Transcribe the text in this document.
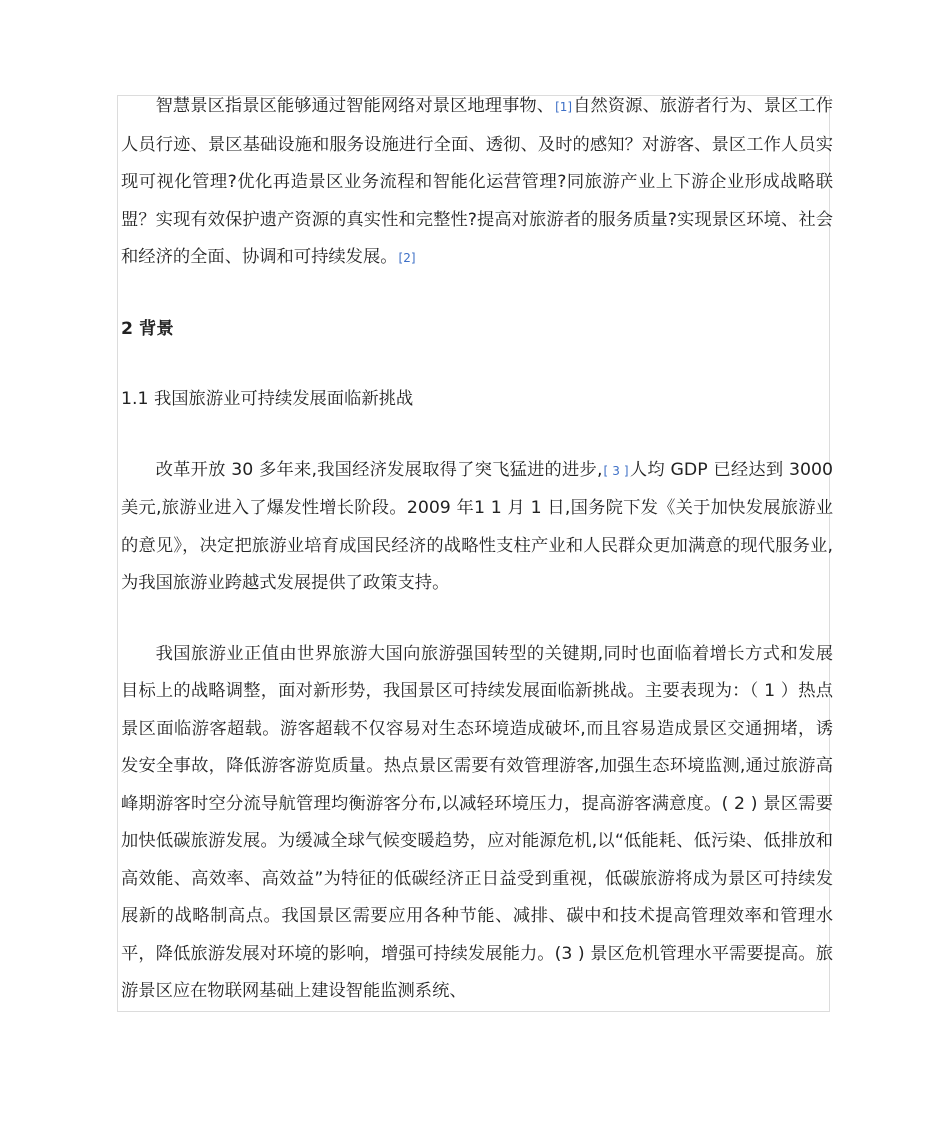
智慧景区指景区能够通过智能网络对景区地理事物、[1]自然资源、旅游者行为、景区工作人员行迹、景区基础设施和服务设施进行全面、透彻、及时的感知？对游客、景区工作人员实现可视化管理?优化再造景区业务流程和智能化运营管理?同旅游产业上下游企业形成战略联盟？实现有效保护遗产资源的真实性和完整性?提高对旅游者的服务质量?实现景区环境、社会和经济的全面、协调和可持续发展。[2]

2 背景

1.1 我国旅游业可持续发展面临新挑战

改革开放 30 多年来,我国经济发展取得了突飞猛进的进步,[ 3 ]人均 GDP 已经达到 3000 美元,旅游业进入了爆发性增长阶段。2009 年1 1 月 1 日,国务院下发《关于加快发展旅游业的意见》，决定把旅游业培育成国民经济的战略性支柱产业和人民群众更加满意的现代服务业,为我国旅游业跨越式发展提供了政策支持。

我国旅游业正值由世界旅游大国向旅游强国转型的关键期,同时也面临着增长方式和发展目标上的战略调整，面对新形势，我国景区可持续发展面临新挑战。主要表现为：（ 1 ）热点景区面临游客超载。游客超载不仅容易对生态环境造成破坏,而且容易造成景区交通拥堵，诱发安全事故，降低游客游览质量。热点景区需要有效管理游客,加强生态环境监测,通过旅游高峰期游客时空分流导航管理均衡游客分布,以减轻环境压力，提高游客满意度。( 2 ) 景区需要加快低碳旅游发展。为缓减全球气候变暖趋势，应对能源危机,以“低能耗、低污染、低排放和高效能、高效率、高效益”为特征的低碳经济正日益受到重视，低碳旅游将成为景区可持续发展新的战略制高点。我国景区需要应用各种节能、减排、碳中和技术提高管理效率和管理水平，降低旅游发展对环境的影响，增强可持续发展能力。(3 ) 景区危机管理水平需要提高。旅游景区应在物联网基础上建设智能监测系统、
